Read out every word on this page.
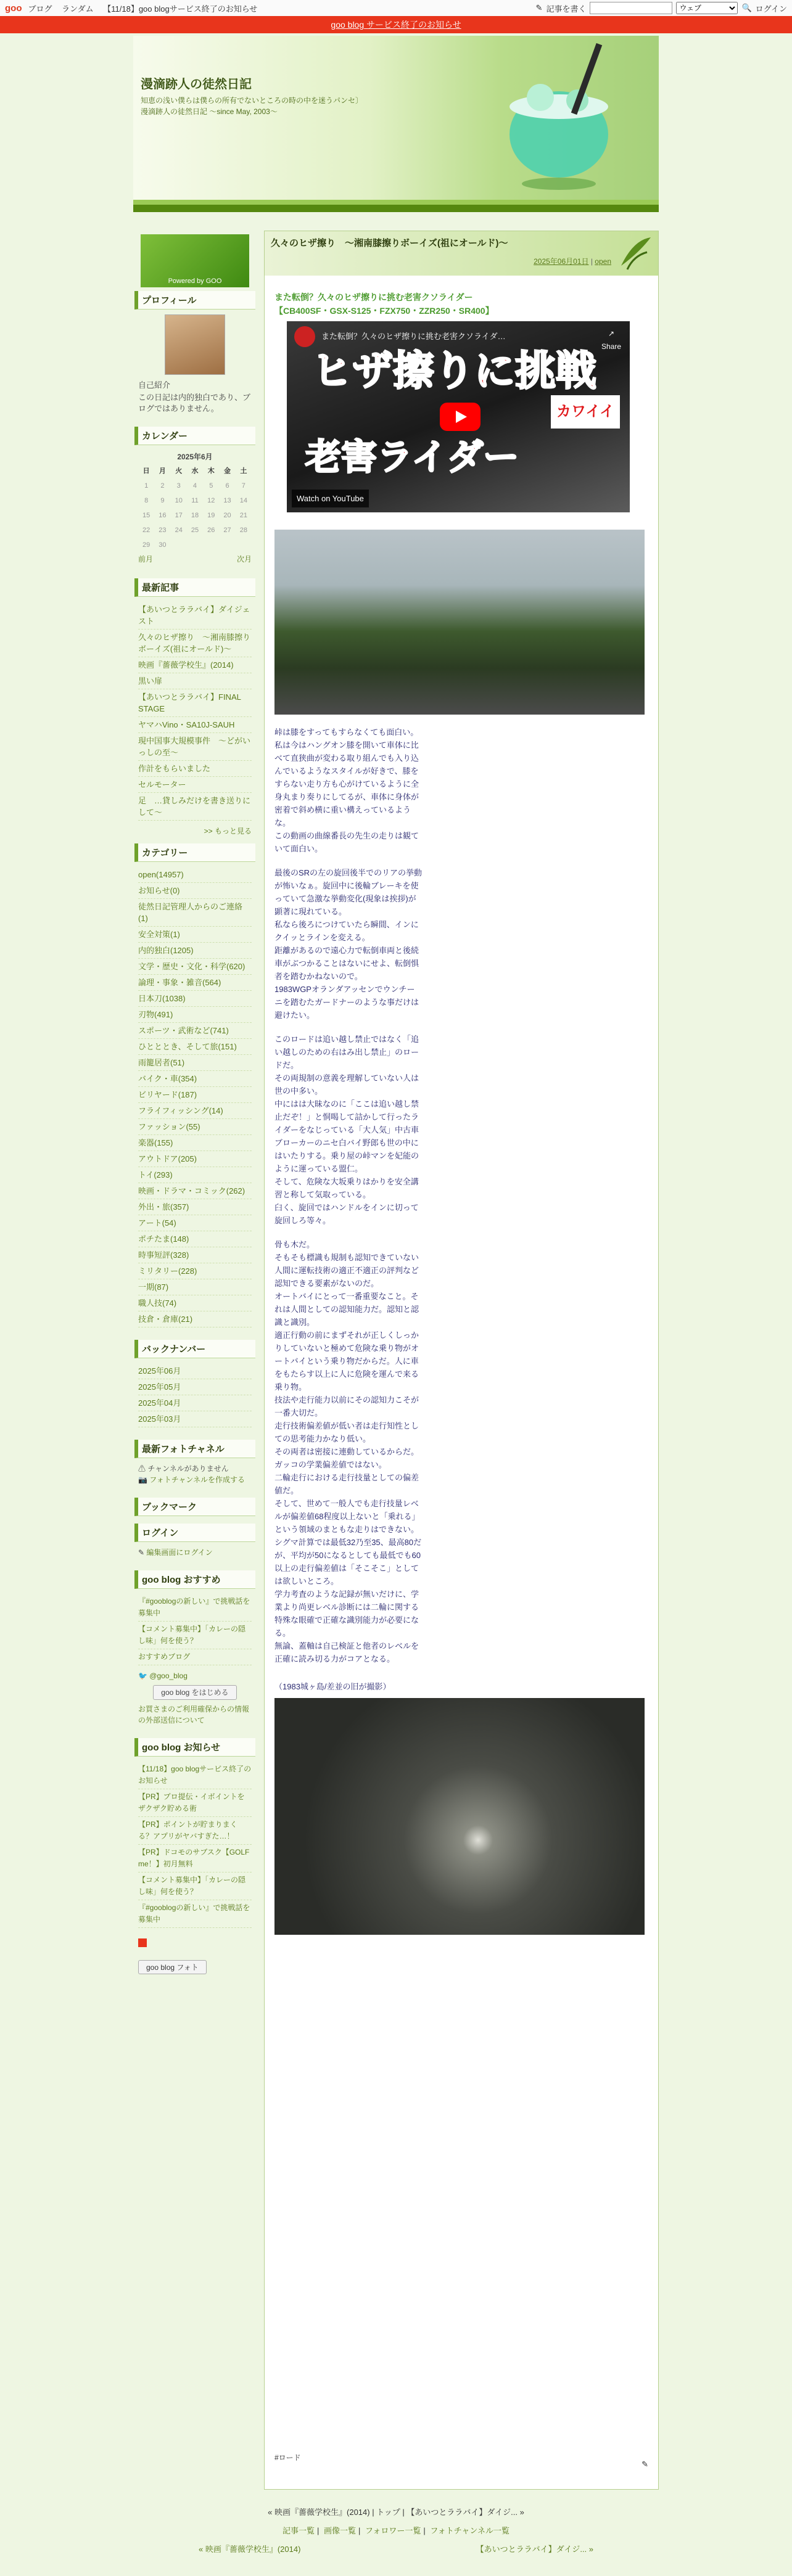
goo ブログ ランダム 【11/18】goo blogサービス終了のお知らせ	✎ 記事を書く
ウェブ	🔍 ログイン
goo blog サービス終了のお知らせ
漫滴跡人の徒然日記
知恵の浅い僕らは僕らの所有でないところの時の中を迷うパンセ〕 漫滴跡人の徒然日記 〜since May, 2003〜
Powered by GOO
プロフィール
自己紹介
この日記は内的独白であり、ブログではありません。
カレンダー
2025年6月
日	月	火	水	木	金	土
1	2	3	4	5	6	7
8	9	10	11	12	13	14
15	16	17	18	19	20	21
22	23	24	25	26	27	28
29	30					
前月	次月
最新記事
【あいつとララバイ】ダイジェスト
久々のヒザ擦り　〜湘南膝擦りボーイズ(祖にオールド)〜
映画『薔薇学校生』(2014)
黒い扉
【あいつとララバイ】FINAL STAGE
ヤマハVino・SA10J-SAUH
現中国事大規模事件　〜どがいっしの至〜
作計をもらいました
セルモーター
足　…貸しみだけを書き送りにして〜
>> もっと見る
カテゴリー
open(14957)
お知らせ(0)
徒然日記管理人からのご連絡(1)
安全対策(1)
内的独白(1205)
文学・歴史・文化・科学(620)
論理・事象・雑音(564)
日本刀(1038)
刃物(491)
スポーツ・武術など(741)
ひとととき、そして旅(151)
雨籠居者(51)
バイク・車(354)
ビリヤード(187)
フライフィッシング(14)
ファッション(55)
楽器(155)
アウトドア(205)
トイ(293)
映画・ドラマ・コミック(262)
外出・旅(357)
アート(54)
ポチたま(148)
時事短評(328)
ミリタリー(228)
一期(87)
職人技(74)
技倉・倉庫(21)
バックナンバー
2025年06月
2025年05月
2025年04月
2025年03月
最新フォトチャネル
⚠ チャンネルがありません
📷 フォトチャンネルを作成する
ブックマーク
ログイン
✎ 編集画面にログイン
goo blog おすすめ
『#gooblogの新しい』で挑戦話を募集中
【コメント募集中】「カレーの隠し味」何を使う？
おすすめブログ
🐦 @goo_blog
goo blog をはじめる
お買さまのご利用確保からの情報の外部送信について
goo blog お知らせ
【11/18】goo blogサービス終了のお知らせ
【PR】プロ提伝・イボイントをザクザク貯める術
【PR】ポイントが貯まりまくる？アプリがヤバすぎた…！
【PR】ドコモのサブスク【GOLF me！】初月無料
【コメント募集中】「カレーの隠し味」何を使う？
『#gooblogの新しい』で挑戦話を募集中
goo blog フォト
久々のヒザ擦り　〜湘南膝擦りボーイズ(祖にオールド)〜
2025年06月01日 | open
また転倒？久々のヒザ擦りに挑む老害クソライダー
【CB400SF・GSX-S125・FZX750・ZZR250・SR400】
また転倒？久々のヒザ擦りに挑む老害クソライダ…	↗
Share
ヒザ擦りに挑戦
老害ライダー
カワイイ
Watch on YouTube
峠は膝をすってもすらなくても面白い。
私は今はハングオン膝を開いて車体に比べて直狭曲が変わる取り組んでも入り込んでいるようなスタイルが好きで、膝をすらない走り方も心がけているように全身丸まり奏りにしてるが、車体に身体が密着で斜め横に重い構えっているような。
この動画の曲線番長の先生の走りは観ていて面白い。
最後のSRの左の旋回後半でのリアの挙動が怖いなぁ。旋回中に後輪ブレーキを使っていて急激な挙動変化(現象は挨拶)が顕著に現れている。
私なら後ろにつけていたら瞬間、インにクイッとラインを変える。
距離があるので遠心力で転倒車両と後続車がぶつかることはないにせよ、転倒惧者を踏むかねないので。
1983WGPオランダアッセンでウンチーニを踏むたガードナーのような事だけは避けたい。
このロードは追い越し禁止ではなく「追い越しのための右はみ出し禁止」のロードだ。
その両規制の意義を理解していない人は世の中多い。
中にはは大昧なのに「ここは追い越し禁止だぞ！」と恫喝して詰かして行ったライダーをなじっている「大人気」中古車ブローカーのニセ白バイ野郎も世の中にはいたりする。乗り屋の峠マンを妃能のように運っている盟仁。
そして、危険な大坂乗りはかりを安全講習と称して気取っている。
臼く、旋回ではハンドルをインに切って旋回しろ等々。
骨も木だ。
そもそも標識も規制も認知できていない人間に運転技術の適正不適正の評判など認知できる要素がないのだ。
オートバイにとって一番重要なこと。それは人間としての認知能力だ。認知と認識と識別。
適正行動の前にまずそれが正しくしっかりしていないと極めて危険な乗り物がオートバイという乗り物だからだ。人に車をもたらす以上に人に危険を運んで来る乗り物。
技法や走行能力以前にその認知力こそが一番大切だ。
走行技術偏差値が低い者は走行知性としての思考能力かなり低い。
その両者は密接に連動しているからだ。
ガッコの学業偏差値ではない。
二輪走行における走行技量としての偏差値だ。
そして、世めて一般人でも走行技量レベルが偏差値68程度以上ないと「乗れる」という領域のまともな走りはできない。
シグマ計算では最低32乃至35、最高80だが、平均が50になるとしても最低でも60以上の走行偏差値は「そこそこ」としては欲しいところ。
学力考査のような記録が無いだけに、学業より尚更レベル診断には二輪に関する特殊な眼確で正確な識別能力が必要になる。
無論、蓋軸は自己検証と他者のレベルを正確に読み切る力がコアとなる。
（1983城ヶ島/差並の旧が撮影）
#ロード
✎
« 映画『薔薇学校生』(2014) | トップ | 【あいつとララバイ】ダイジ... »
記事一覧 | 画像一覧 | フォロワー一覧 | フォトチャンネル一覧
« 映画『薔薇学校生』(2014)	【あいつとララバイ】ダイジ... »
